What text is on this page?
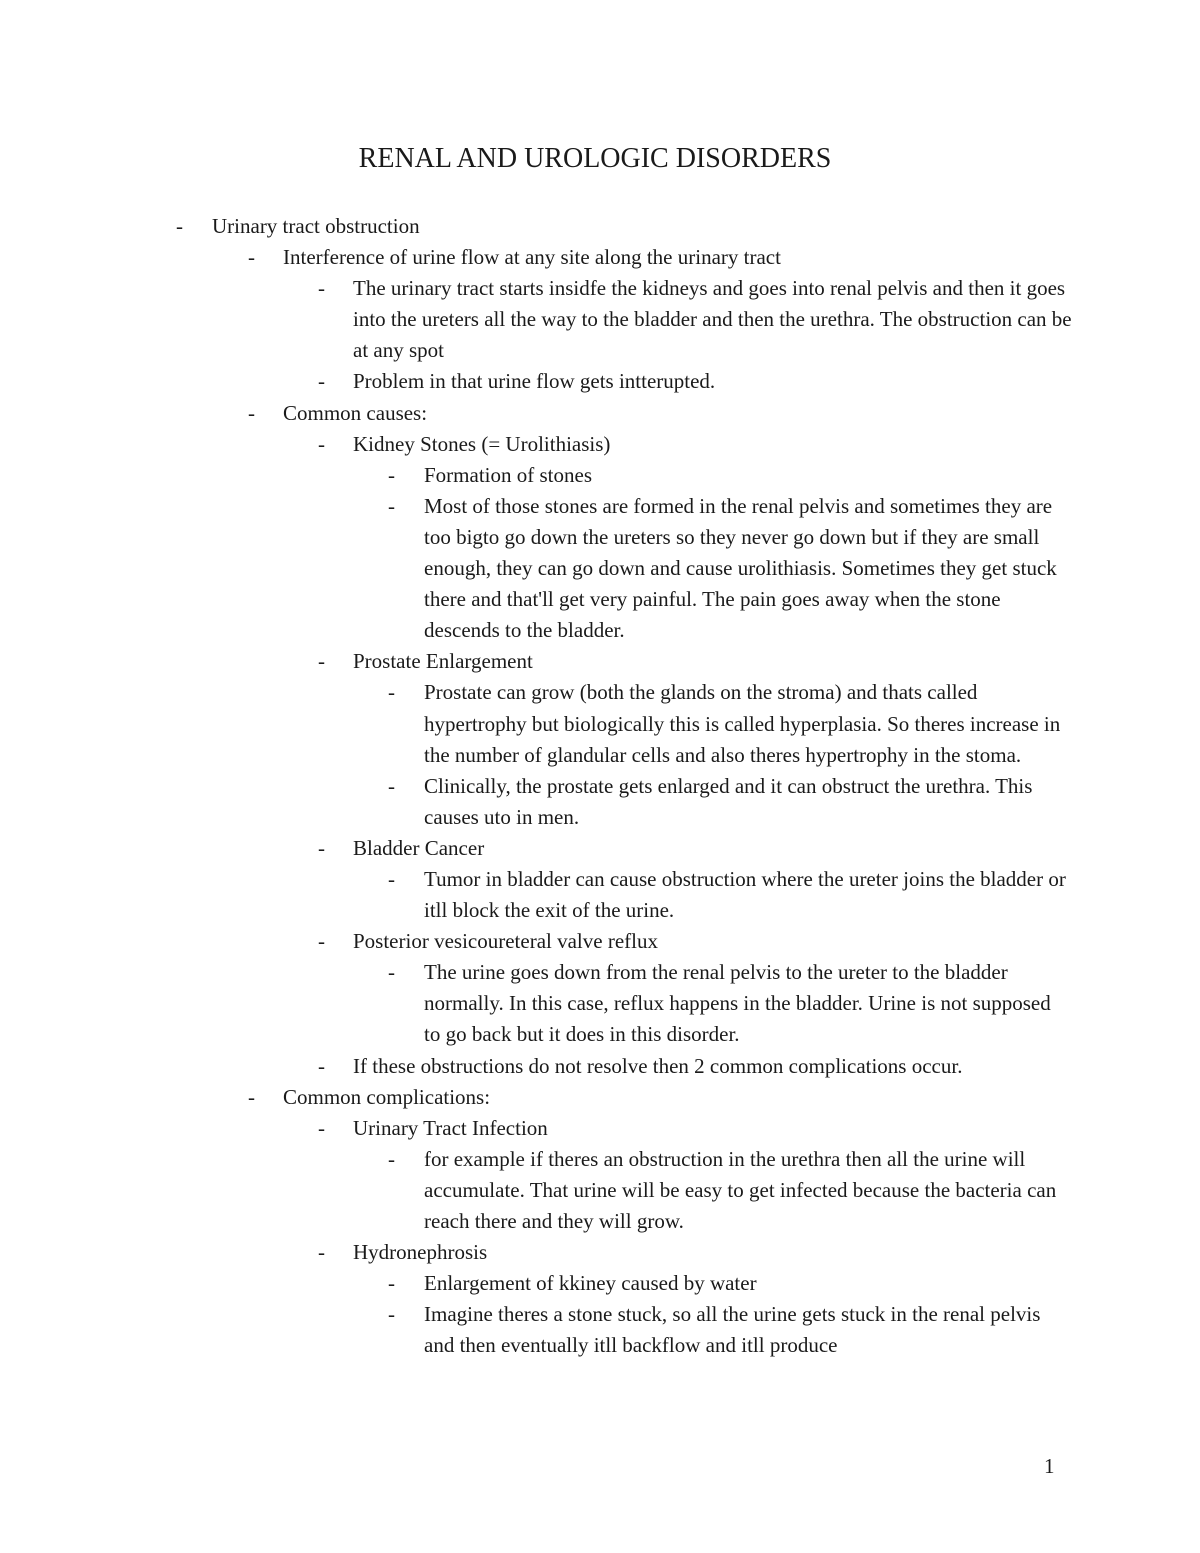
RENAL AND UROLOGIC DISORDERS
- Urinary tract obstruction
- Interference of urine flow at any site along the urinary tract
- The urinary tract starts insidfe the kidneys and goes into renal pelvis and then it goes into the ureters all the way to the bladder and then the urethra. The obstruction can be at any spot
- Problem in that urine flow gets intterupted.
- Common causes:
- Kidney Stones (= Urolithiasis)
- Formation of stones
- Most of those stones are formed in the renal pelvis and sometimes they are too bigto go down the ureters so they never go down but if they are small enough, they can go down and cause urolithiasis. Sometimes they get stuck there and that'll get very painful. The pain goes away when the stone descends to the bladder.
- Prostate Enlargement
- Prostate can grow (both the glands on the stroma) and thats called hypertrophy but biologically this is called hyperplasia. So theres increase in the number of glandular cells and also theres hypertrophy in the stoma.
- Clinically, the prostate gets enlarged and it can obstruct the urethra. This causes uto in men.
- Bladder Cancer
- Tumor in bladder can cause obstruction where the ureter joins the bladder or itll block the exit of the urine.
- Posterior vesicoureteral valve reflux
- The urine goes down from the renal pelvis to the ureter to the bladder normally. In this case, reflux happens in the bladder. Urine is not supposed to go back but it does in this disorder.
- If these obstructions do not resolve then 2 common complications occur.
- Common complications:
- Urinary Tract Infection
- for example if theres an obstruction in the urethra then all the urine will accumulate. That urine will be easy to get infected because the bacteria can reach there and they will grow.
- Hydronephrosis
- Enlargement of kkiney caused by water
- Imagine theres a stone stuck, so all the urine gets stuck in the renal pelvis and then eventually itll backflow and itll produce
1
